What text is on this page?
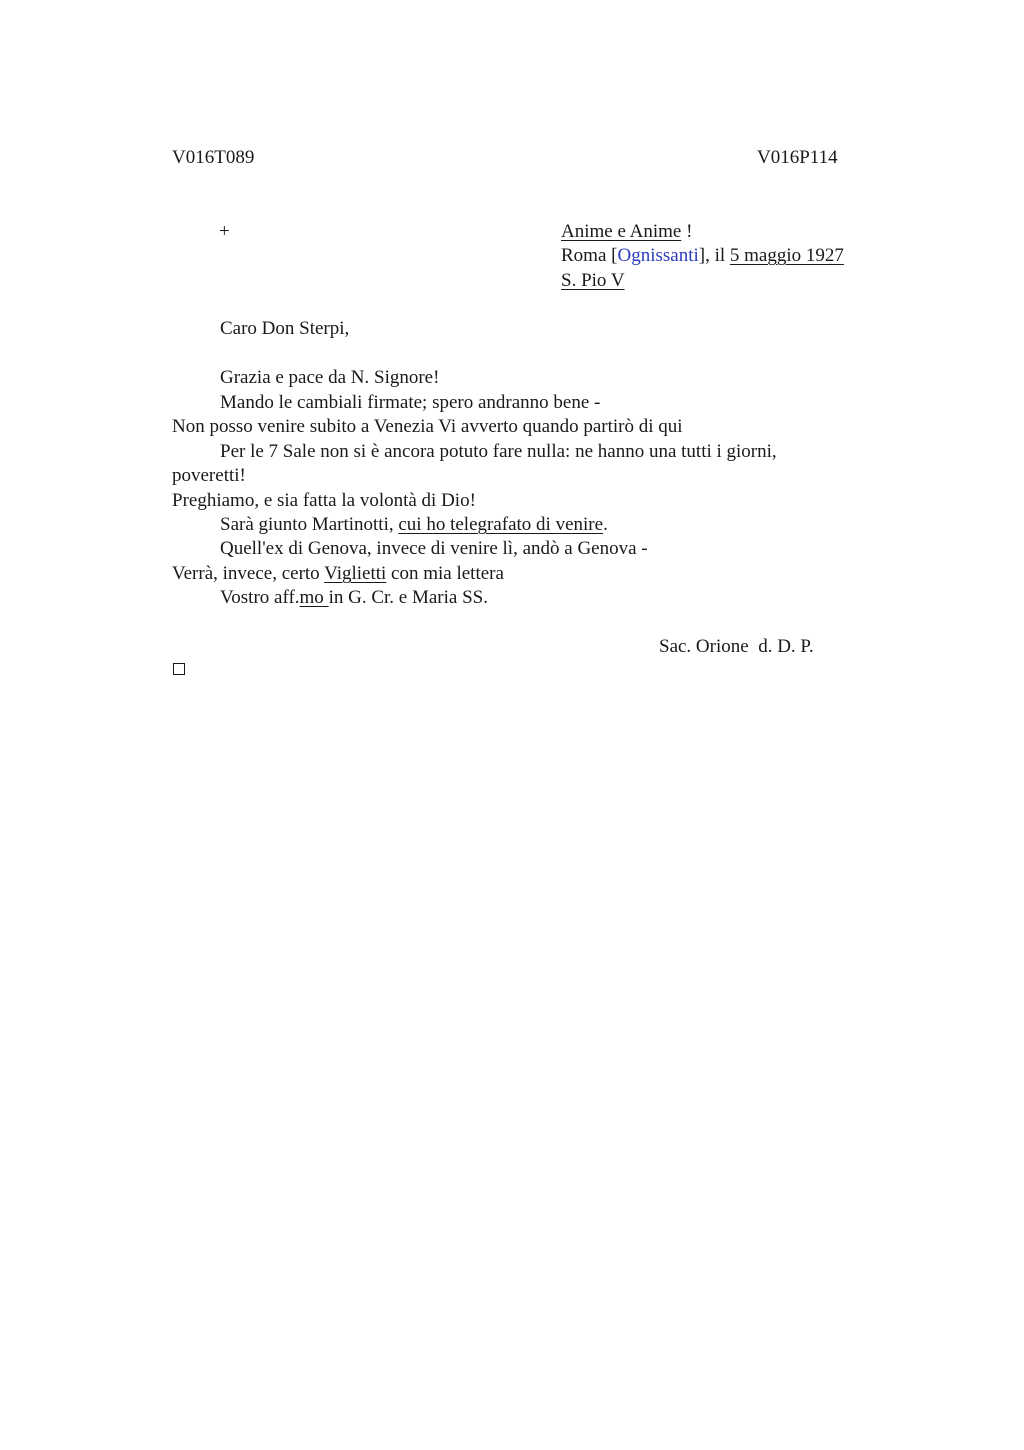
V016T089	V016P114
+	Anime e Anime !
Roma [Ognissanti], il 5 maggio 1927
S. Pio V
Caro Don Sterpi,
Grazia e pace da N. Signore!
Mando le cambiali firmate; spero andranno bene -
Non posso venire subito a Venezia Vi avverto quando partirò di qui
Per le 7 Sale non si è ancora potuto fare nulla: ne hanno una tutti i giorni,
poveretti!
Preghiamo, e sia fatta la volontà di Dio!
Sarà giunto Martinotti, cui ho telegrafato di venire.
Quell'ex di Genova, invece di venire lì, andò a Genova -
Verrà, invece, certo Viglietti con mia lettera
Vostro aff.mo in G. Cr. e Maria SS.
Sac. Orione  d. D. P.
